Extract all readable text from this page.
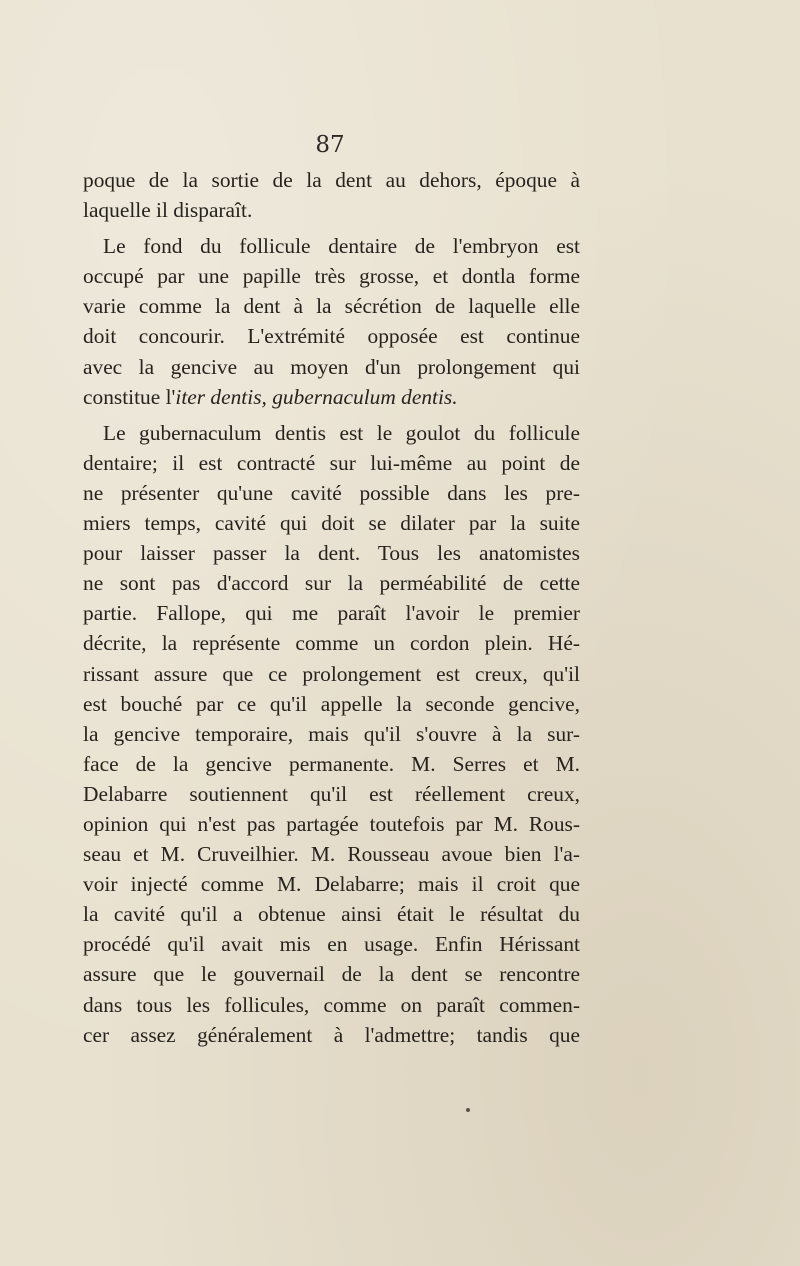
87
poque de la sortie de la dent au dehors, époque à
laquelle il disparaît.
Le fond du follicule dentaire de l'embryon est
occupé par une papille très grosse, et dontla forme
varie comme la dent à la sécrétion de laquelle elle
doit concourir. L'extrémité opposée est continue
avec la gencive au moyen d'un prolongement qui
constitue l'iter dentis, gubernaculum dentis.
Le gubernaculum dentis est le goulot du follicule
dentaire; il est contracté sur lui-même au point de
ne présenter qu'une cavité possible dans les pre-
miers temps, cavité qui doit se dilater par la suite
pour laisser passer la dent. Tous les anatomistes
ne sont pas d'accord sur la perméabilité de cette
partie. Fallope, qui me paraît l'avoir le premier
décrite, la représente comme un cordon plein. Hé-
rissant assure que ce prolongement est creux, qu'il
est bouché par ce qu'il appelle la seconde gencive,
la gencive temporaire, mais qu'il s'ouvre à la sur-
face de la gencive permanente. M. Serres et M.
Delabarre soutiennent qu'il est réellement creux,
opinion qui n'est pas partagée toutefois par M. Rous-
seau et M. Cruveilhier. M. Rousseau avoue bien l'a-
voir injecté comme M. Delabarre; mais il croit que
la cavité qu'il a obtenue ainsi était le résultat du
procédé qu'il avait mis en usage. Enfin Hérissant
assure que le gouvernail de la dent se rencontre
dans tous les follicules, comme on paraît commen-
cer assez généralement à l'admettre; tandis que
